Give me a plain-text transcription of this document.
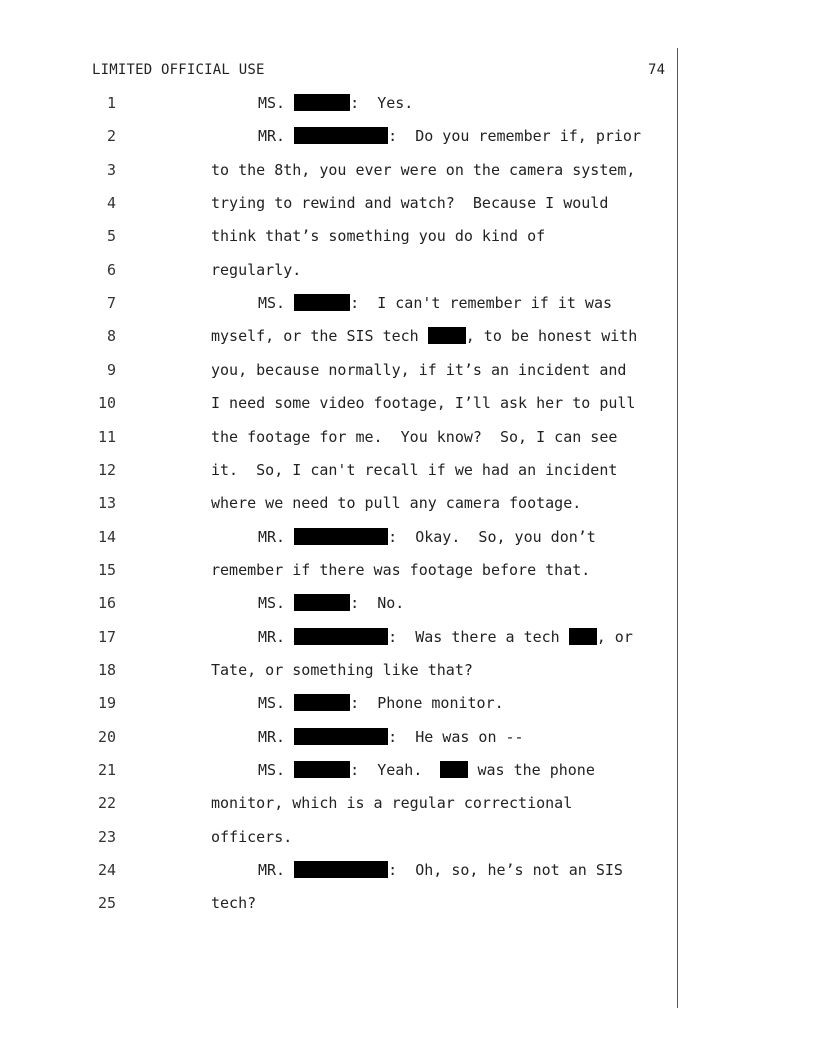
LIMITED OFFICIAL USE	74
1	MS.	:  Yes.
2	MR.	:  Do you remember if, prior
3	to the 8th, you ever were on the camera system,
4	trying to rewind and watch?  Because I would
5	think that’s something you do kind of
6	regularly.
7	MS.	:  I can't remember if it was
8	myself, or the SIS tech	, to be honest with
9	you, because normally, if it’s an incident and
10	I need some video footage, I’ll ask her to pull
11	the footage for me.  You know?  So, I can see
12	it.  So, I can't recall if we had an incident
13	where we need to pull any camera footage.
14	MR.	:  Okay.  So, you don’t
15	remember if there was footage before that.
16	MS.	:  No.
17	MR.	:  Was there a tech , or
18	Tate, or something like that?
19	MS.	:  Phone monitor.
20	MR.	:  He was on --
21	MS.	:  Yeah.   was the phone
22	monitor, which is a regular correctional
23	officers.
24	MR.	:  Oh, so, he’s not an SIS
25	tech?
